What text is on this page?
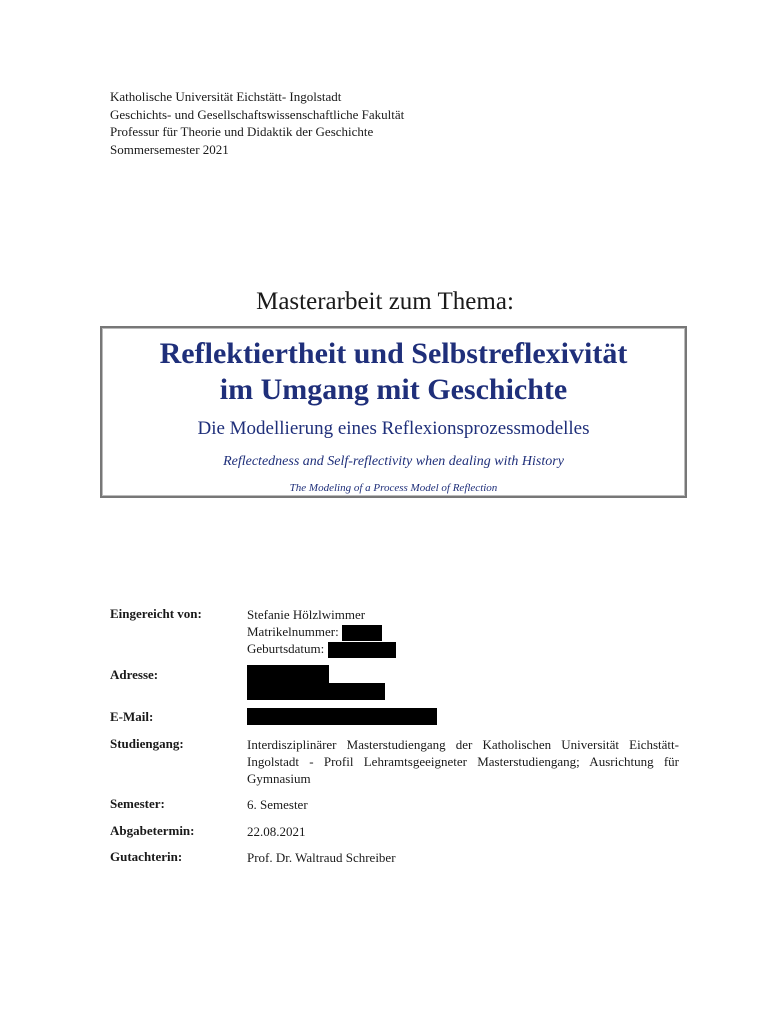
Katholische Universität Eichstätt- Ingolstadt
Geschichts- und Gesellschaftswissenschaftliche Fakultät
Professur für Theorie und Didaktik der Geschichte
Sommersemester 2021
Masterarbeit zum Thema:
Reflektiertheit und Selbstreflexivität
im Umgang mit Geschichte
Die Modellierung eines Reflexionsprozessmodelles
Reflectedness and Self-reflectivity when dealing with History
The Modeling of a Process Model of Reflection
Eingereicht von:	Stefanie Hölzlwimmer
Matrikelnummer:
Geburtsdatum:
Adresse:
E-Mail:
Studiengang:	Interdisziplinärer Masterstudiengang der Katholischen Universität Eichstätt-Ingolstadt - Profil Lehramtsgeeigneter Masterstudiengang; Ausrichtung für Gymnasium
Semester:	6. Semester
Abgabetermin:	22.08.2021
Gutachterin:	Prof. Dr. Waltraud Schreiber
